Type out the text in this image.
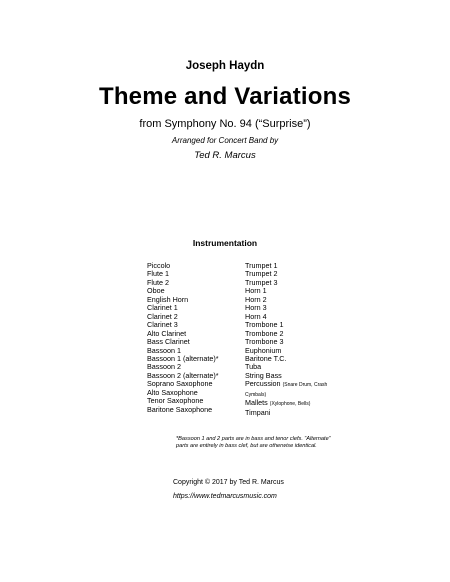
Joseph Haydn
Theme and Variations
from Symphony No. 94 (“Surprise”)
Arranged for Concert Band by
Ted R. Marcus
Instrumentation
Piccolo
Flute 1
Flute 2
Oboe
English Horn
Clarinet 1
Clarinet 2
Clarinet 3
Alto Clarinet
Bass Clarinet
Bassoon 1
Bassoon 1 (alternate)*
Bassoon 2
Bassoon 2 (alternate)*
Soprano Saxophone
Alto Saxophone
Tenor Saxophone
Baritone Saxophone
Trumpet 1
Trumpet 2
Trumpet 3
Horn 1
Horn 2
Horn 3
Horn 4
Trombone 1
Trombone 2
Trombone 3
Euphonium
Baritone T.C.
Tuba
String Bass
Percussion (Snare Drum, Crash
Cymbals)
Mallets (Xylophone, Bells)
Timpani
*Bassoon 1 and 2 parts are in bass and tenor clefs. “Alternate”
parts are entirely in bass clef, but are otherwise identical.
Copyright © 2017 by Ted R. Marcus
https://www.tedmarcusmusic.com
